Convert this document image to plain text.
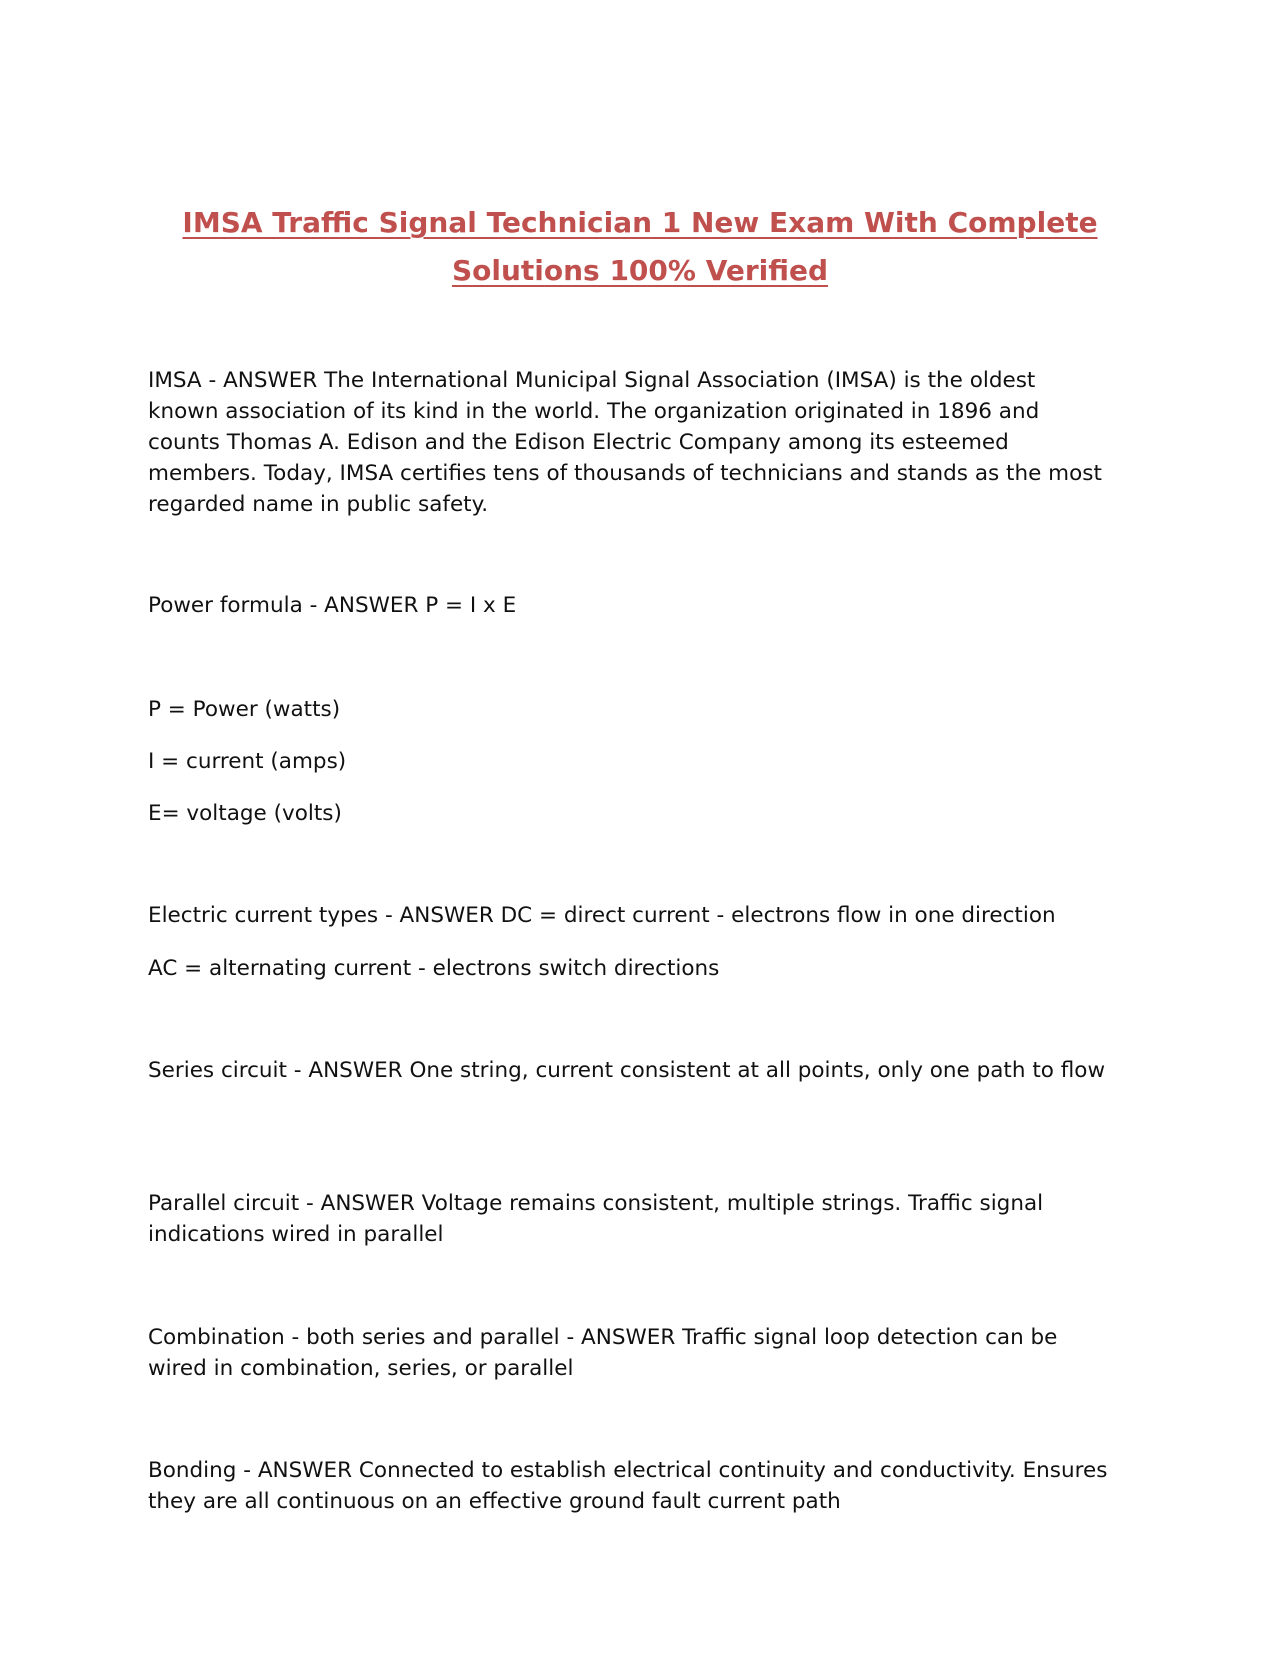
IMSA Traffic Signal Technician 1 New Exam With Complete
Solutions 100% Verified

IMSA - ANSWER The International Municipal Signal Association (IMSA) is the oldest known association of its kind in the world. The organization originated in 1896 and counts Thomas A. Edison and the Edison Electric Company among its esteemed members. Today, IMSA certifies tens of thousands of technicians and stands as the most regarded name in public safety.

Power formula - ANSWER P = I x E

P = Power (watts)

I = current (amps)

E= voltage (volts)

Electric current types - ANSWER DC = direct current - electrons flow in one direction

AC = alternating current - electrons switch directions

Series circuit - ANSWER One string, current consistent at all points, only one path to flow

Parallel circuit - ANSWER Voltage remains consistent, multiple strings. Traffic signal indications wired in parallel

Combination - both series and parallel - ANSWER Traffic signal loop detection can be wired in combination, series, or parallel

Bonding - ANSWER Connected to establish electrical continuity and conductivity. Ensures they are all continuous on an effective ground fault current path
